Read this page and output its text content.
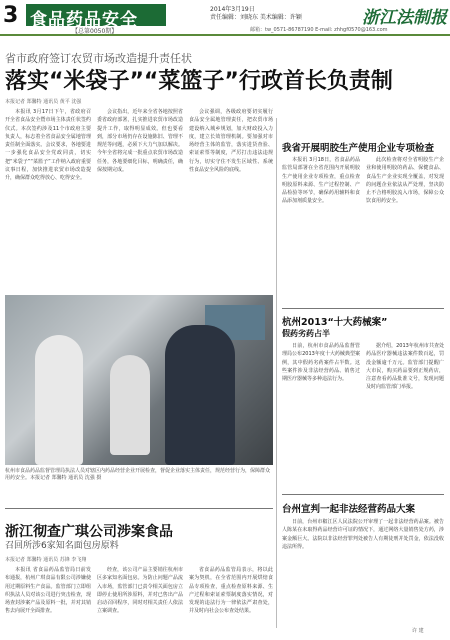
3 食品药品安全
【总第0050期】
2014年3月19日
责任编辑：刘晓东 美术编辑：许颖	浙江法制报
邮箱：tw_0571-86787190 E-mail: zhhgf0570@163.com
省市政府签订农贸市场改造提升责任状
落实“米袋子”“菜篮子”行政首长负责制
本报记者 郑馨特 通讯员 黄平 沈强

本报讯 3月17日下午，省政府召开全省食品安全暨市场主体责任状签约仪式。本次签约涉及11个市政府主要负责人，标志着全省食品安全属地管理责任制全面落实。会议要求，各地要进一步强化食品安全党政同责，切实把“米袋子”“菜篮子”工作纳入政府重要议事日程，加快推进农贸市场改造提升，确保群众吃得放心、吃得安全。

会议指出，近年来全省各地按照省委省政府部署，扎实推进农贸市场改造提升工作，取得明显成效。但也要看到，部分市场仍存在设施陈旧、管理不规范等问题，必须下大力气加以解决。今年全省将完成一批重点农贸市场改造任务，各地要细化目标，明确责任，确保按期完成。

会议强调，各级政府要切实履行食品安全属地管理责任，把农贸市场建设纳入城乡规划，加大财政投入力度，建立长效管理机制。要加强对市场经营主体的监管，落实进货查验、索证索票等制度，严厉打击违法违规行为，切实守住不发生区域性、系统性食品安全风险的底线。

杭州市食品药品监督管理局执法人员对辖区内药品经营企业开展检查，督促企业落实主体责任，规范经营行为，保障群众用药安全。本报记者 郑馨特 通讯员 沈强 摄
浙江彻查广琪公司涉案食品
召回所涉6家知名面包房原料
本报记者 郑馨特 通讯员 苏锋 李飞翔

本报讯 省食品药品监管局日前发布通报，杭州广琪食品有限公司涉嫌使用过期原料生产食品。监管部门立即组织执法人员对该公司进行突击检查，现场查封涉案产品及原料一批，并对其销售去向展开全面排查。

经查，该公司产品主要销往杭州市区多家知名面包房。为防止问题产品流入市场，监管部门已责令相关面包房立即停止使用所涉原料，并对已售出产品启动召回程序，同时对相关责任人依法立案调查。

省食品药品监管局表示，将以此案为契机，在全省范围内开展烘焙食品专项检查，重点检查原料来源、生产过程和索证索票制度落实情况，对发现的违法行为一律依法严肃查处，并及时向社会公布查处结果。

我省开展明胶生产使用企业专项检查

本报讯 3月18日，省食品药品监管局部署在全省范围内开展明胶生产使用企业专项检查，重点检查明胶原料来源、生产过程控制、产品检验等环节，确保药用辅料和食品添加剂质量安全。

此次检查将对全省明胶生产企业和使用明胶的药品、保健食品、食品生产企业实现全覆盖，对发现的问题企业依法从严处理，坚决防止不合格明胶流入市场，保障公众饮食用药安全。

杭州2013“十大药械案”
假药劣药占半

日前，杭州市食品药品监督管理局公布2013年度十大药械典型案例，其中假药劣药案件占半数。这些案件涉及非法经营药品、销售过期医疗器械等多种违法行为。

据介绍，2013年杭州市共查处药品医疗器械违法案件数百起，罚没金额逾千万元。监管部门提醒广大市民，购买药品要到正规药店，注意查看药品批准文号，发现问题及时向监管部门举报。

台州宣判一起非法经营药品大案

日前，台州市椒江区人民法院公开审理了一起非法经营药品案。被告人陈某在未取得药品经营许可证的情况下，通过网络大量销售处方药，涉案金额巨大。法院以非法经营罪判处被告人有期徒刑并处罚金，依法没收违法所得。

许 建
